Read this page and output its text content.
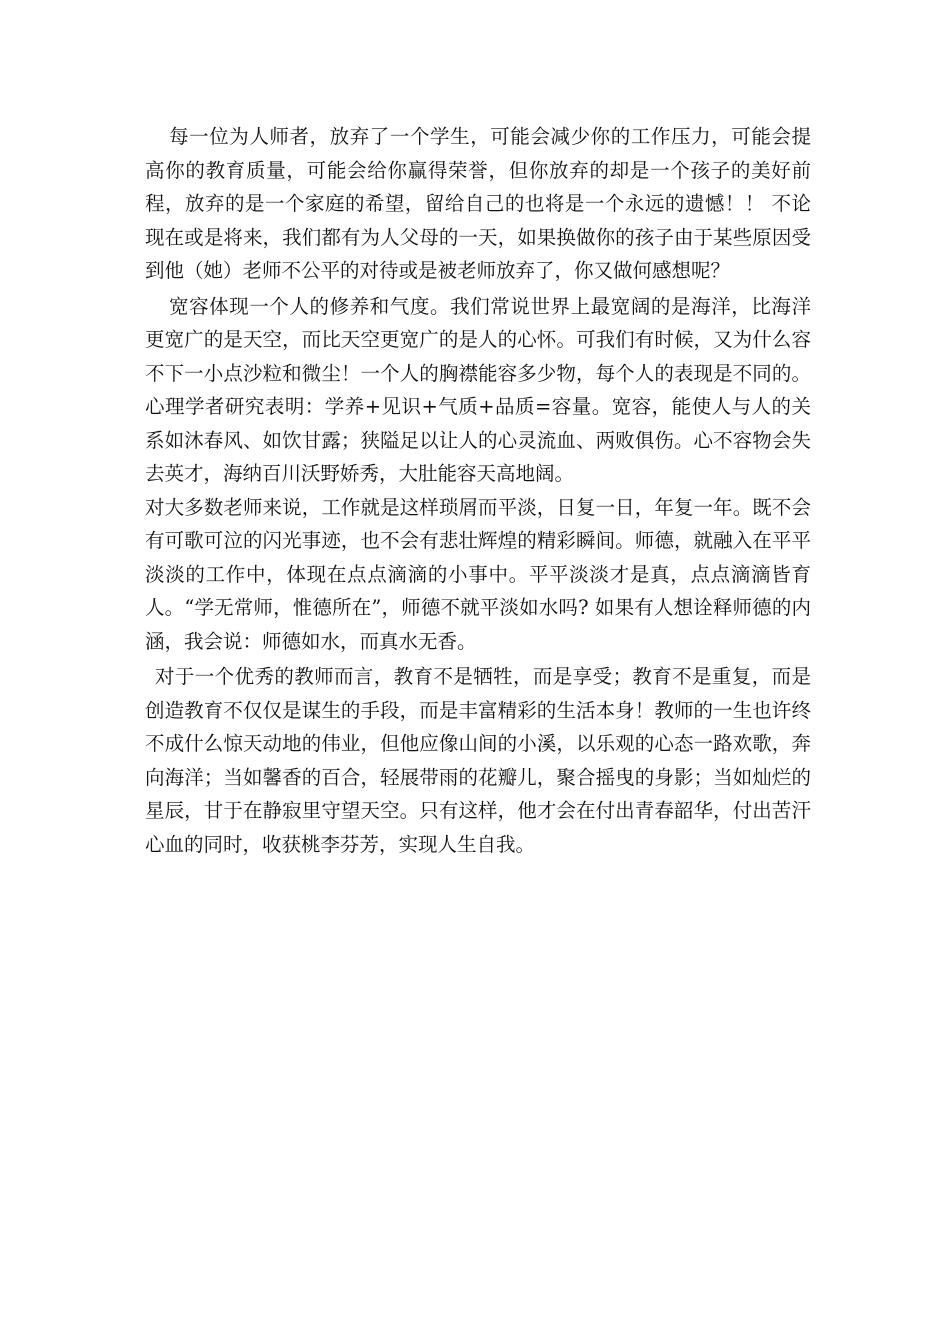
每一位为人师者，放弃了一个学生，可能会减少你的工作压力，可能会提高你的教育质量，可能会给你赢得荣誉，但你放弃的却是一个孩子的美好前程，放弃的是一个家庭的希望，留给自己的也将是一个永远的遗憾！！ 不论现在或是将来，我们都有为人父母的一天，如果换做你的孩子由于某些原因受到他（她）老师不公平的对待或是被老师放弃了，你又做何感想呢？

宽容体现一个人的修养和气度。我们常说世界上最宽阔的是海洋，比海洋更宽广的是天空，而比天空更宽广的是人的心怀。可我们有时候，又为什么容不下一小点沙粒和微尘！一个人的胸襟能容多少物，每个人的表现是不同的。心理学者研究表明：学养+见识+气质+品质=容量。宽容，能使人与人的关系如沐春风、如饮甘露；狭隘足以让人的心灵流血、两败俱伤。心不容物会失去英才，海纳百川沃野娇秀，大肚能容天高地阔。

对大多数老师来说，工作就是这样琐屑而平淡，日复一日，年复一年。既不会有可歌可泣的闪光事迹，也不会有悲壮辉煌的精彩瞬间。师德，就融入在平平淡淡的工作中，体现在点点滴滴的小事中。平平淡淡才是真，点点滴滴皆育人。“学无常师，惟德所在”，师德不就平淡如水吗? 如果有人想诠释师德的内涵，我会说：师德如水，而真水无香。

对于一个优秀的教师而言，教育不是牺牲，而是享受；教育不是重复，而是创造教育不仅仅是谋生的手段，而是丰富精彩的生活本身！教师的一生也许终不成什么惊天动地的伟业，但他应像山间的小溪，以乐观的心态一路欢歌，奔向海洋；当如馨香的百合，轻展带雨的花瓣儿，聚合摇曳的身影；当如灿烂的星辰，甘于在静寂里守望天空。只有这样，他才会在付出青春韶华，付出苦汗心血的同时，收获桃李芬芳，实现人生自我。
